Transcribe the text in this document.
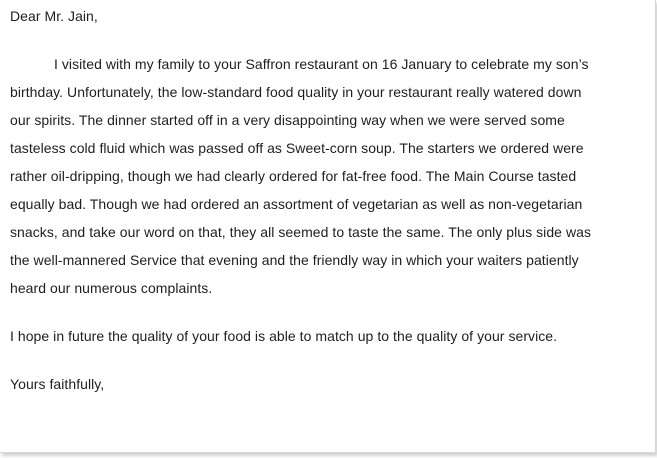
Dear Mr. Jain,
I visited with my family to your Saffron restaurant on 16 January to celebrate my son’s
birthday. Unfortunately, the low-standard food quality in your restaurant really watered down
our spirits. The dinner started off in a very disappointing way when we were served some
tasteless cold fluid which was passed off as Sweet-corn soup. The starters we ordered were
rather oil-dripping, though we had clearly ordered for fat-free food. The Main Course tasted
equally bad. Though we had ordered an assortment of vegetarian as well as non-vegetarian
snacks, and take our word on that, they all seemed to taste the same. The only plus side was
the well-mannered Service that evening and the friendly way in which your waiters patiently
heard our numerous complaints.
I hope in future the quality of your food is able to match up to the quality of your service.
Yours faithfully,
